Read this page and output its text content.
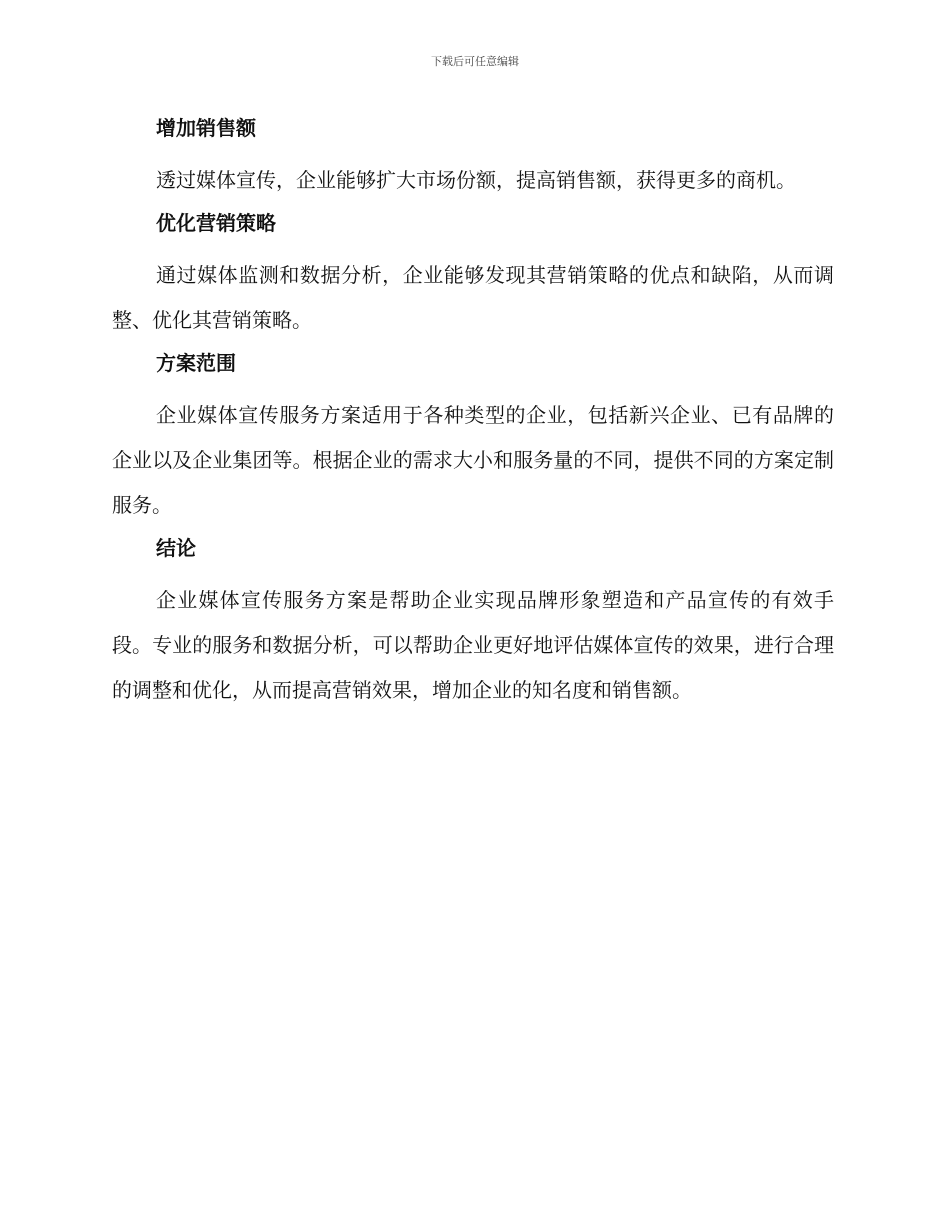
下载后可任意编辑
增加销售额

透过媒体宣传，企业能够扩大市场份额，提高销售额，获得更多的商机。

优化营销策略

通过媒体监测和数据分析，企业能够发现其营销策略的优点和缺陷，从而调整、优化其营销策略。

方案范围

企业媒体宣传服务方案适用于各种类型的企业，包括新兴企业、已有品牌的企业以及企业集团等。根据企业的需求大小和服务量的不同，提供不同的方案定制服务。

结论

企业媒体宣传服务方案是帮助企业实现品牌形象塑造和产品宣传的有效手段。专业的服务和数据分析，可以帮助企业更好地评估媒体宣传的效果，进行合理的调整和优化，从而提高营销效果，增加企业的知名度和销售额。
